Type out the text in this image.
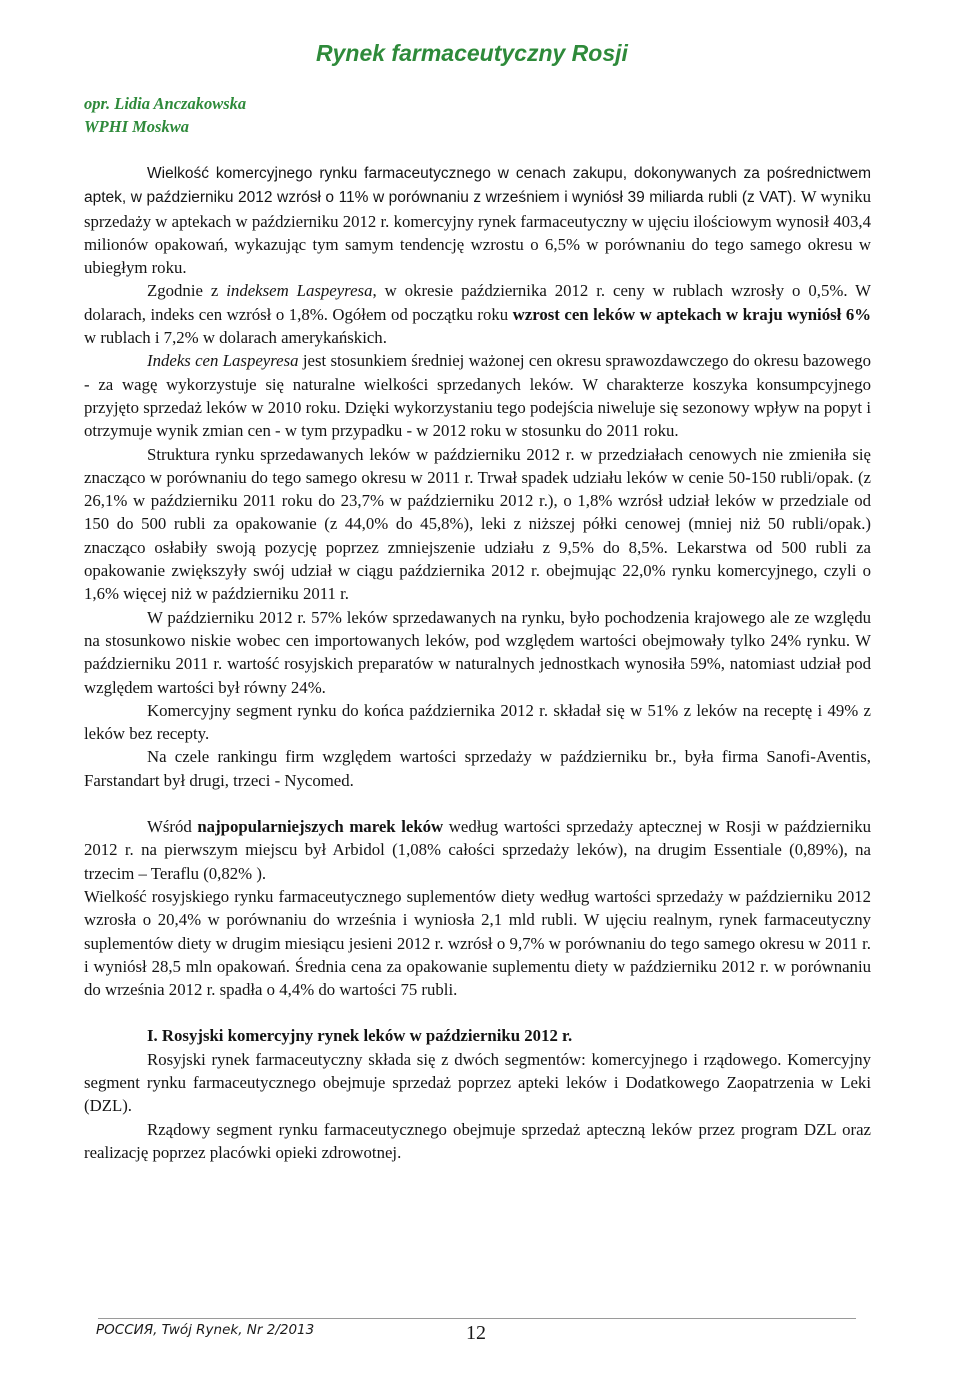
Rynek farmaceutyczny Rosji
opr. Lidia Anczakowska
WPHI Moskwa

Wielkość komercyjnego rynku farmaceutycznego w cenach zakupu, dokonywanych za pośrednictwem aptek, w październiku 2012 wzrósł o 11% w porównaniu z wrześniem i wyniósł 39 miliarda rubli (z VAT). W wyniku sprzedaży w aptekach w październiku 2012 r. komercyjny rynek farmaceutyczny w ujęciu ilościowym wynosił 403,4 milionów opakowań, wykazując tym samym tendencję wzrostu o 6,5% w porównaniu do tego samego okresu w ubiegłym roku.

Zgodnie z indeksem Laspeyresa, w okresie października 2012 r. ceny w rublach wzrosły o 0,5%. W dolarach, indeks cen wzrósł o 1,8%. Ogółem od początku roku wzrost cen leków w aptekach w kraju wyniósł 6% w rublach i 7,2% w dolarach amerykańskich.

Indeks cen Laspeyresa jest stosunkiem średniej ważonej cen okresu sprawozdawczego do okresu bazowego - za wagę wykorzystuje się naturalne wielkości sprzedanych leków. W charakterze koszyka konsumpcyjnego przyjęto sprzedaż leków w 2010 roku. Dzięki wykorzystaniu tego podejścia niweluje się sezonowy wpływ na popyt i otrzymuje wynik zmian cen - w tym przypadku - w 2012 roku w stosunku do 2011 roku.

Struktura rynku sprzedawanych leków w październiku 2012 r. w przedziałach cenowych nie zmieniła się znacząco w porównaniu do tego samego okresu w 2011 r. Trwał spadek udziału leków w cenie 50-150 rubli/opak. (z 26,1% w październiku 2011 roku do 23,7% w październiku 2012 r.), o 1,8% wzrósł udział leków w przedziale od 150 do 500 rubli za opakowanie (z 44,0% do 45,8%), leki z niższej półki cenowej (mniej niż 50 rubli/opak.) znacząco osłabiły swoją pozycję poprzez zmniejszenie udziału z 9,5% do 8,5%. Lekarstwa od 500 rubli za opakowanie zwiększyły swój udział w ciągu października 2012 r. obejmując 22,0% rynku komercyjnego, czyli o 1,6% więcej niż w październiku 2011 r.

W październiku 2012 r. 57% leków sprzedawanych na rynku, było pochodzenia krajowego ale ze względu na stosunkowo niskie wobec cen importowanych leków, pod względem wartości obejmowały tylko 24% rynku. W październiku 2011 r. wartość rosyjskich preparatów w naturalnych jednostkach wynosiła 59%, natomiast udział pod względem wartości był równy 24%.

Komercyjny segment rynku do końca października 2012 r. składał się w 51% z leków na receptę i 49% z leków bez recepty.

Na czele rankingu firm względem wartości sprzedaży w październiku br., była firma Sanofi-Aventis, Farstandart był drugi, trzeci - Nycomed.

Wśród najpopularniejszych marek leków według wartości sprzedaży aptecznej w Rosji w październiku 2012 r. na pierwszym miejscu był Arbidol (1,08% całości sprzedaży leków), na drugim Essentiale (0,89%), na trzecim – Teraflu (0,82% ).

Wielkość rosyjskiego rynku farmaceutycznego suplementów diety według wartości sprzedaży w październiku 2012 wzrosła o 20,4% w porównaniu do września i wyniosła 2,1 mld rubli. W ujęciu realnym, rynek farmaceutyczny suplementów diety w drugim miesiącu jesieni 2012 r. wzrósł o 9,7% w porównaniu do tego samego okresu w 2011 r. i wyniósł 28,5 mln opakowań. Średnia cena za opakowanie suplementu diety w październiku 2012 r. w porównaniu do września 2012 r. spadła o 4,4% do wartości 75 rubli.

I. Rosyjski komercyjny rynek leków w październiku 2012 r.

Rosyjski rynek farmaceutyczny składa się z dwóch segmentów: komercyjnego i rządowego. Komercyjny segment rynku farmaceutycznego obejmuje sprzedaż poprzez apteki leków i Dodatkowego Zaopatrzenia w Leki (DZL).

Rządowy segment rynku farmaceutycznego obejmuje sprzedaż apteczną leków przez program DZL oraz realizację poprzez placówki opieki zdrowotnej.

РОССИЯ, Twój Rynek, Nr 2/2013	12
